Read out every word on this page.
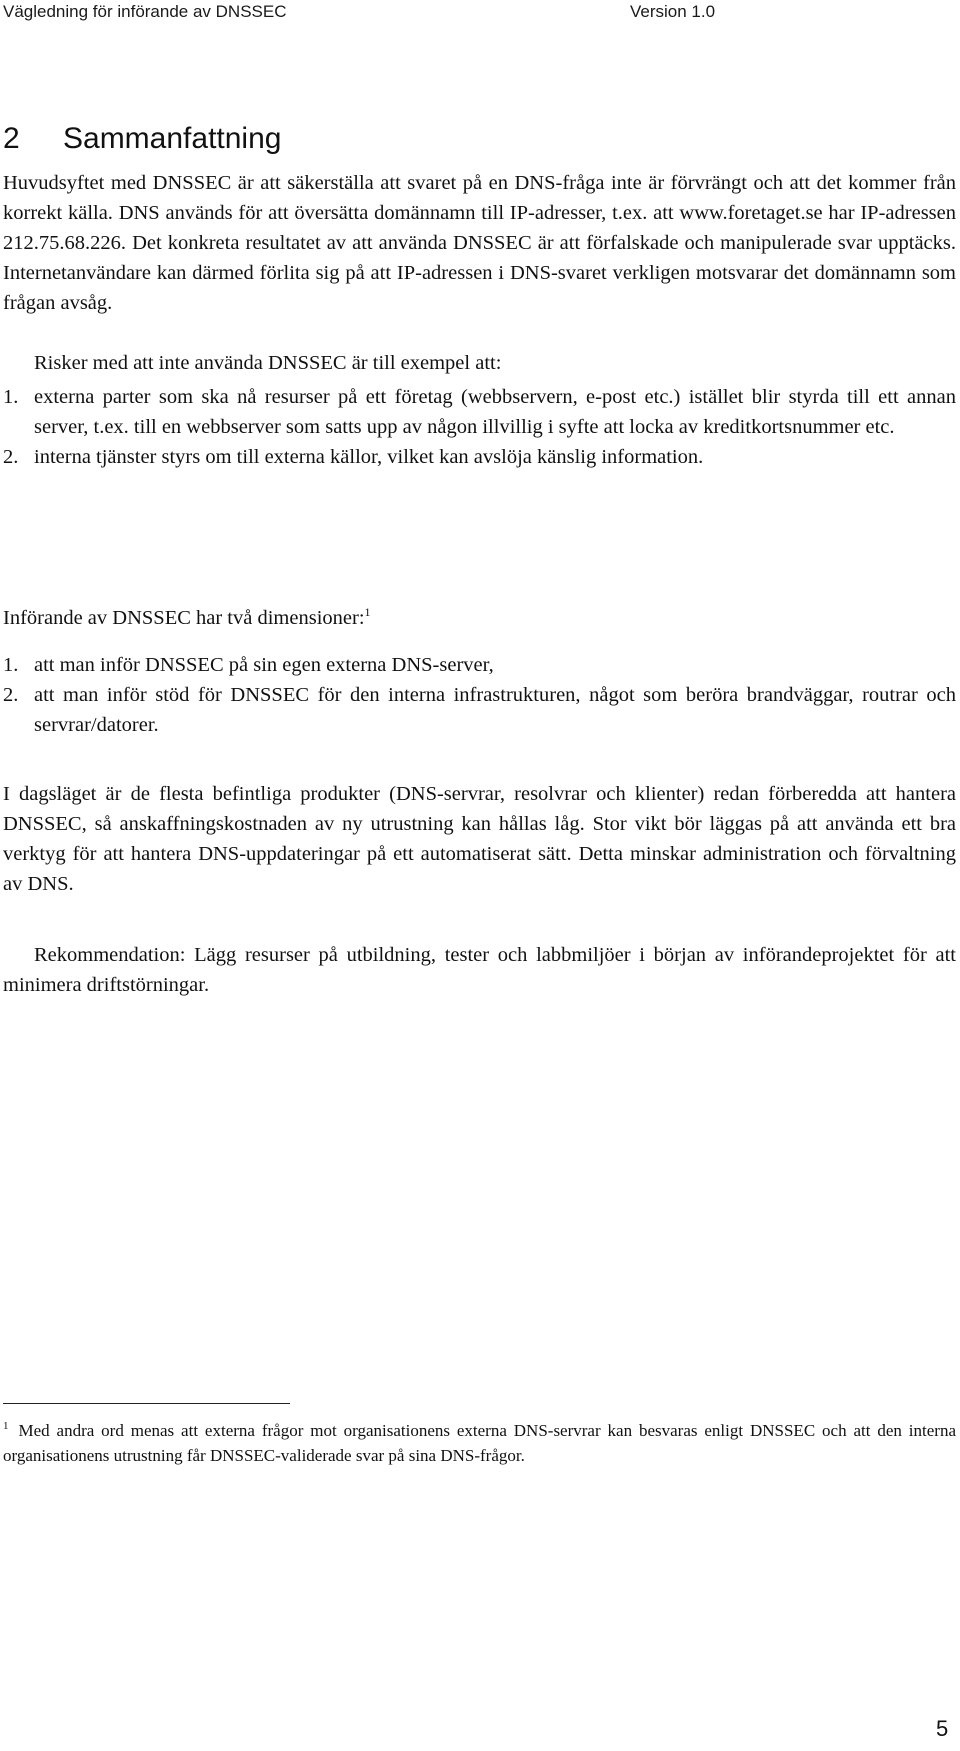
Vägledning för införande av DNSSEC	Version 1.0
2 Sammanfattning

Huvudsyftet med DNSSEC är att säkerställa att svaret på en DNS-fråga inte är förvrängt och att det kommer från korrekt källa. DNS används för att översätta domännamn till IP-adresser, t.ex. att www.foretaget.se har IP-adressen 212.75.68.226. Det konkreta resultatet av att använda DNSSEC är att förfalskade och manipulerade svar upptäcks. Internetanvändare kan därmed förlita sig på att IP-adressen i DNS-svaret verkligen motsvarar det domännamn som frågan avsåg.

Risker med att inte använda DNSSEC är till exempel att:

1. externa parter som ska nå resurser på ett företag (webbservern, e-post etc.) istället blir styrda till ett annan server, t.ex. till en webbserver som satts upp av någon illvillig i syfte att locka av kreditkortsnummer etc.
2. interna tjänster styrs om till externa källor, vilket kan avslöja känslig information.

Införande av DNSSEC har två dimensioner:$^1$

1. att man inför DNSSEC på sin egen externa DNS-server,
2. att man inför stöd för DNSSEC för den interna infrastrukturen, något som beröra brandväggar, routrar och servrar/datorer.

I dagsläget är de flesta befintliga produkter (DNS-servrar, resolvrar och klienter) redan förberedda att hantera DNSSEC, så anskaffningskostnaden av ny utrustning kan hållas låg. Stor vikt bör läggas på att använda ett bra verktyg för att hantera DNS-uppdateringar på ett automatiserat sätt. Detta minskar administration och förvaltning av DNS.

Rekommendation: Lägg resurser på utbildning, tester och labbmiljöer i början av införandeprojektet för att minimera driftstörningar.

$^1$ Med andra ord menas att externa frågor mot organisationens externa DNS-servrar kan besvaras enligt DNSSEC och att den interna organisationens utrustning får DNSSEC-validerade svar på sina DNS-frågor.

5
